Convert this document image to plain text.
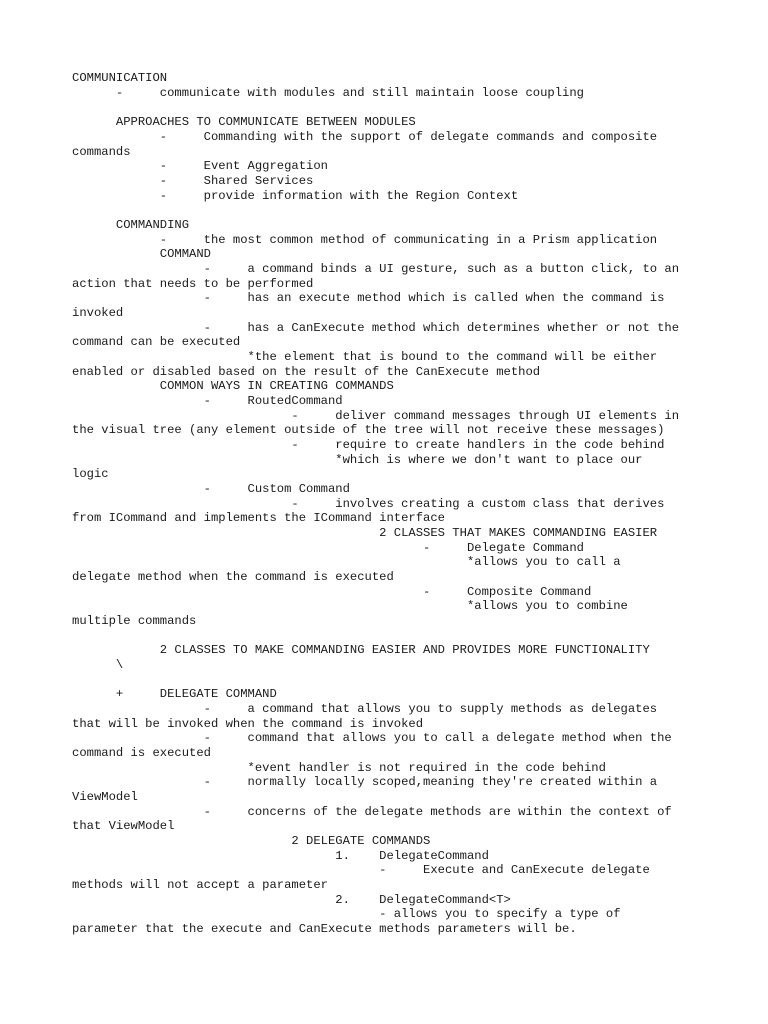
COMMUNICATION
-     communicate with modules and still maintain loose coupling
APPROACHES TO COMMUNICATE BETWEEN MODULES
-     Commanding with the support of delegate commands and composite
commands
-     Event Aggregation
-     Shared Services
-     provide information with the Region Context
COMMANDING
-     the most common method of communicating in a Prism application
COMMAND
-     a command binds a UI gesture, such as a button click, to an
action that needs to be performed
-     has an execute method which is called when the command is
invoked
-     has a CanExecute method which determines whether or not the
command can be executed
*the element that is bound to the command will be either
enabled or disabled based on the result of the CanExecute method
COMMON WAYS IN CREATING COMMANDS
-     RoutedCommand
-     deliver command messages through UI elements in
the visual tree (any element outside of the tree will not receive these messages)
-     require to create handlers in the code behind
*which is where we don't want to place our
logic
-     Custom Command
-     involves creating a custom class that derives
from ICommand and implements the ICommand interface
2 CLASSES THAT MAKES COMMANDING EASIER
-     Delegate Command
*allows you to call a
delegate method when the command is executed
-     Composite Command
*allows you to combine
multiple commands
2 CLASSES TO MAKE COMMANDING EASIER AND PROVIDES MORE FUNCTIONALITY
\
+     DELEGATE COMMAND
-     a command that allows you to supply methods as delegates
that will be invoked when the command is invoked
-     command that allows you to call a delegate method when the
command is executed
*event handler is not required in the code behind
-     normally locally scoped,meaning they're created within a
ViewModel
-     concerns of the delegate methods are within the context of
that ViewModel
2 DELEGATE COMMANDS
1.    DelegateCommand
-     Execute and CanExecute delegate
methods will not accept a parameter
2.    DelegateCommand<T>
- allows you to specify a type of
parameter that the execute and CanExecute methods parameters will be.
